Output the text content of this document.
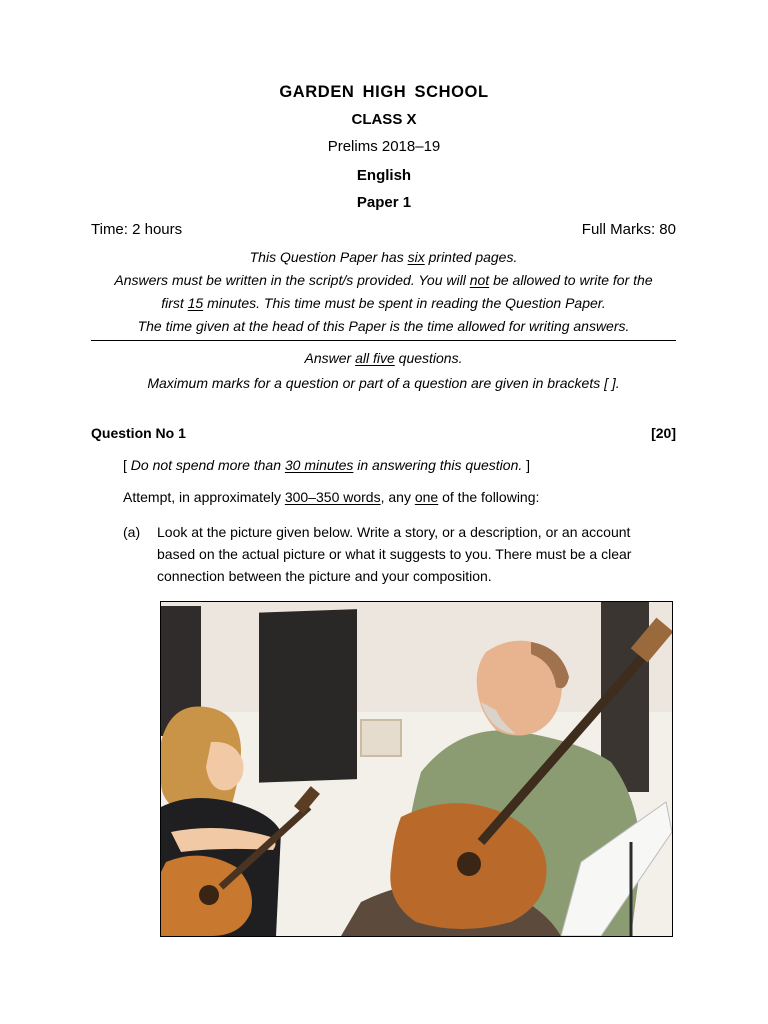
GARDEN HIGH SCHOOL
CLASS X
Prelims 2018–19
English
Paper 1
Time: 2 hours	Full Marks: 80
This Question Paper has six printed pages.
Answers must be written in the script/s provided. You will not be allowed to write for the
first 15 minutes. This time must be spent in reading the Question Paper.
The time given at the head of this Paper is the time allowed for writing answers.
Answer all five questions.
Maximum marks for a question or part of a question are given in brackets [ ].
Question No 1	[20]
[ Do not spend more than 30 minutes in answering this question. ]
Attempt, in approximately 300–350 words, any one of the following:
(a) Look at the picture given below. Write a story, or a description, or an account based on the actual picture or what it suggests to you. There must be a clear connection between the picture and your composition.
